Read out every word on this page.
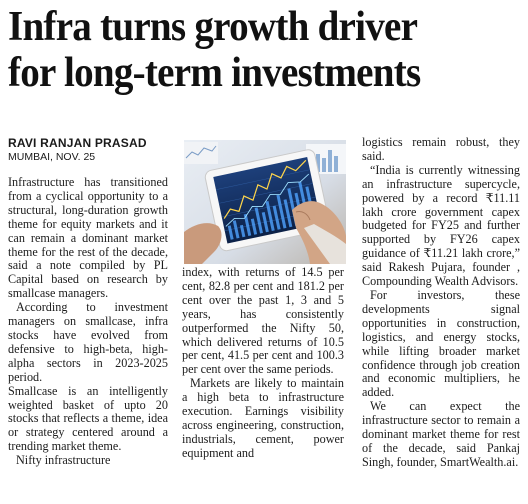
Infra turns growth driver
for long-term investments
RAVI RANJAN PRASAD
MUMBAI, NOV. 25

Infrastructure has transitioned from a cyclical opportunity to a structural, long-duration growth theme for equity markets and it can remain a dominant market theme for the rest of the decade, said a note compiled by PL Capital based on research by smallcase managers.

According to investment managers on smallcase, infra stocks have evolved from defensive to high-beta, high-alpha sectors in 2023-2025 period.

Smallcase is an intelligently weighted basket of upto 20 stocks that reflects a theme, idea or strategy centered around a trending market theme.

Nifty infrastructure

index, with returns of 14.5 per cent, 82.8 per cent and 181.2 per cent over the past 1, 3 and 5 years, has consistently outperformed the Nifty 50, which delivered returns of 10.5 per cent, 41.5 per cent and 100.3 per cent over the same periods.

Markets are likely to maintain a high beta to infrastructure execution. Earnings visibility across engineering, construction, industrials, cement, power equipment and

logistics remain robust, they said.

“India is currently witnessing an infrastructure supercycle, powered by a record ₹11.11 lakh crore government capex budgeted for FY25 and further supported by FY26 capex guidance of ₹11.21 lakh crore,” said Rakesh Pujara, founder , Compounding Wealth Advisors.

For investors, these developments signal opportunities in construction, logistics, and energy stocks, while lifting broader market confidence through job creation and economic multipliers, he added.

We can expect the infrastructure sector to remain a dominant market theme for rest of the decade, said Pankaj Singh, founder, SmartWealth.ai.
